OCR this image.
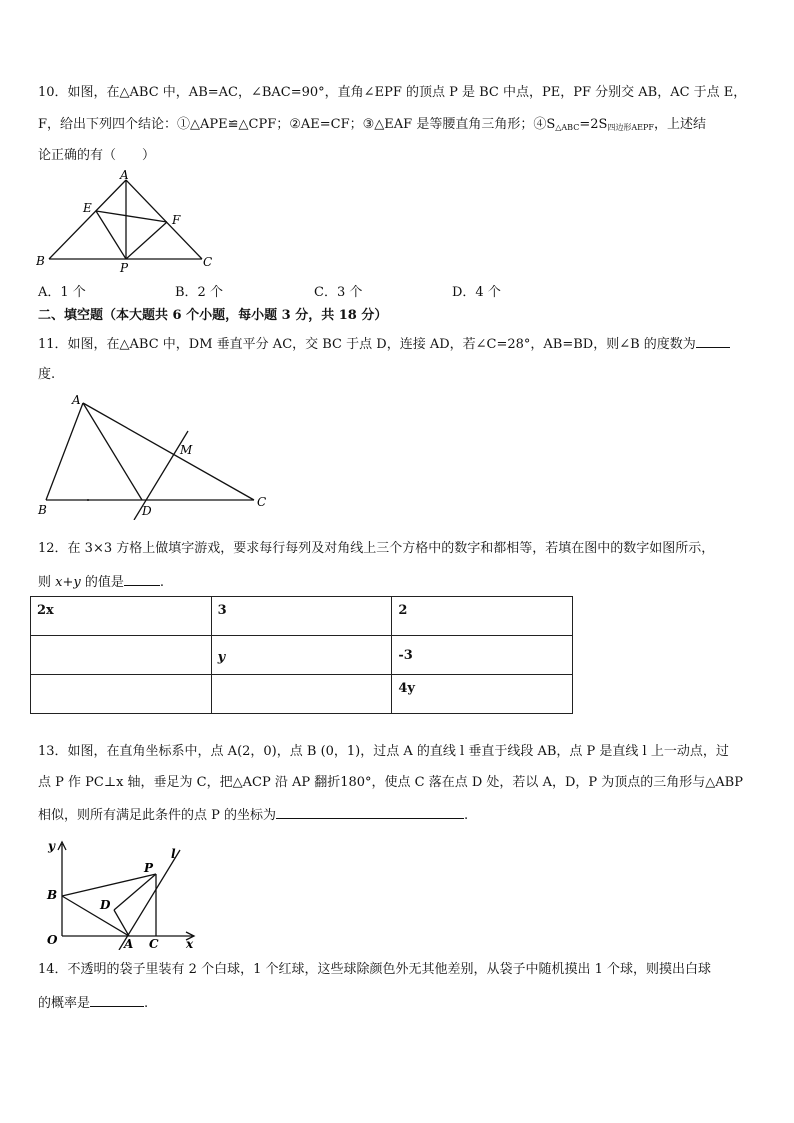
10．如图，在△ABC 中，AB=AC，∠BAC=90°，直角∠EPF 的顶点 P 是 BC 中点，PE，PF 分别交 AB，AC 于点 E，
F，给出下列四个结论：①△APE≌△CPF；②AE=CF；③△EAF 是等腰直角三角形；$④S_{\triangle ABC}=2S_{四边形AEPF}$，上述结
论正确的有（　　）
A
B	C
E
F
P
A．1 个	B．2 个	C．3 个	D．4 个
二、填空题（本大题共 6 个小题，每小题 3 分，共 18 分）
11．如图，在△ABC 中，DM 垂直平分 AC，交 BC 于点 D，连接 AD，若∠C=28°，AB=BD，则∠B 的度数为
度.
A
B
C
D
M
12．在 3×3 方格上做填字游戏，要求每行每列及对角线上三个方格中的数字和都相等，若填在图中的数字如图所示，
则 x+y 的值是	.
2x	3	2
	y	-3
		4y
13．如图，在直角坐标系中，点 A(2，0)，点 B (0，1)，过点 A 的直线 l 垂直于线段 AB，点 P 是直线 l 上一动点，过
点 P 作 PC⊥x 轴，垂足为 C，把△ACP 沿 AP 翻折180°，使点 C 落在点 D 处，若以 A，D，P 为顶点的三角形与△ABP
相似，则所有满足此条件的点 P 的坐标为	.
y
x
O
B
D
A C
P
l
14．不透明的袋子里装有 2 个白球，1 个红球，这些球除颜色外无其他差别，从袋子中随机摸出 1 个球，则摸出白球
的概率是	.
